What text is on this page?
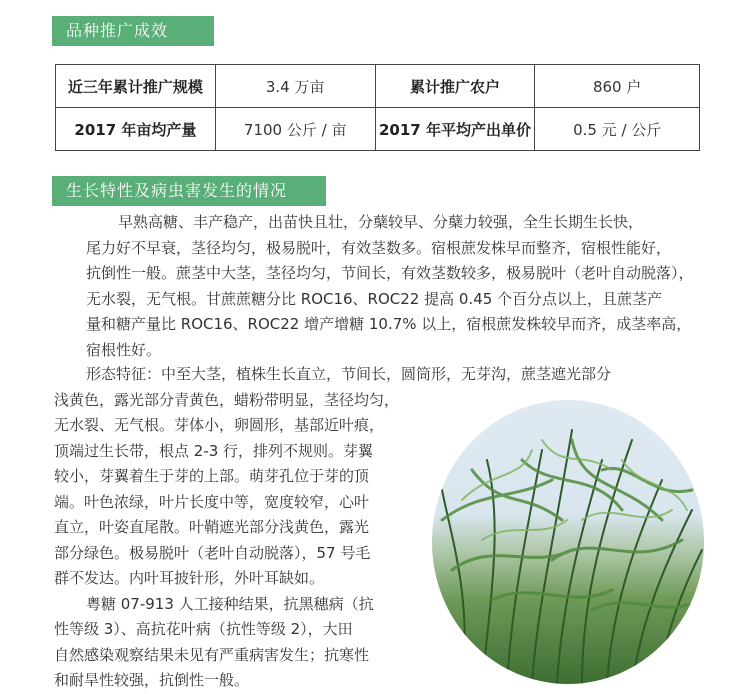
品种推广成效
近三年累计推广规模	3.4 万亩	累计推广农户	860 户
2017 年亩均产量	7100 公斤 / 亩	2017 年平均产出单价	0.5 元 / 公斤
生长特性及病虫害发生的情况
早熟高糖、丰产稳产，出苗快且壮，分蘖较早、分蘖力较强，全生长期生长快，
尾力好不早衰，茎径均匀，极易脱叶，有效茎数多。宿根蔗发株早而整齐，宿根性能好，
抗倒性一般。蔗茎中大茎，茎径均匀，节间长，有效茎数较多，极易脱叶（老叶自动脱落），
无水裂，无气根。甘蔗蔗糖分比 ROC16、ROC22 提高 0.45 个百分点以上，且蔗茎产
量和糖产量比 ROC16、ROC22 增产增糖 10.7% 以上，宿根蔗发株较早而齐，成茎率高，
宿根性好。
形态特征：中至大茎，植株生长直立，节间长，圆筒形，无芽沟，蔗茎遮光部分
浅黄色，露光部分青黄色，蜡粉带明显，茎径均匀，
无水裂、无气根。芽体小，卵圆形，基部近叶痕，
顶端过生长带，根点 2-3 行，排列不规则。芽翼
较小，芽翼着生于芽的上部。萌芽孔位于芽的顶
端。叶色浓绿，叶片长度中等，宽度较窄，心叶
直立，叶姿直尾散。叶鞘遮光部分浅黄色，露光
部分绿色。极易脱叶（老叶自动脱落），57 号毛
群不发达。内叶耳披针形，外叶耳缺如。
粤糖 07-913 人工接种结果，抗黑穗病（抗
性等级 3）、高抗花叶病（抗性等级 2），大田
自然感染观察结果未见有严重病害发生；抗寒性
和耐旱性较强，抗倒性一般。
